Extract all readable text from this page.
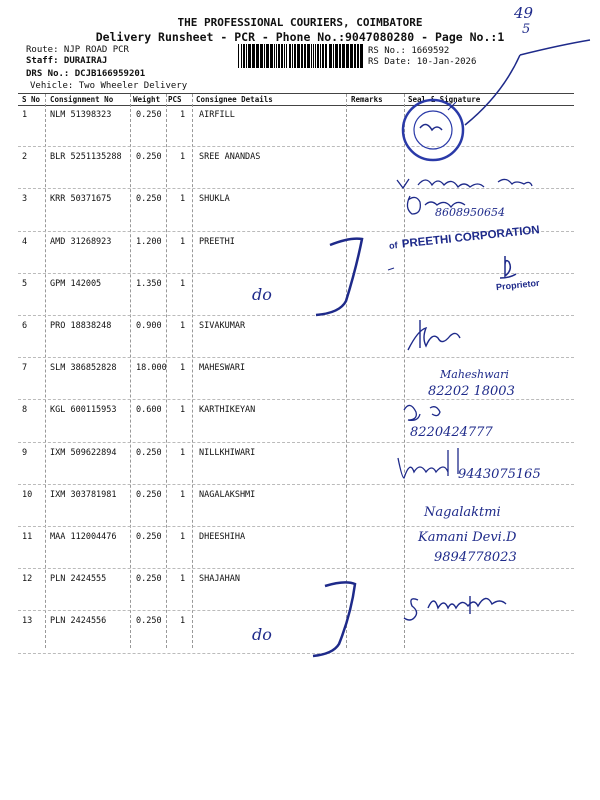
THE PROFESSIONAL COURIERS, COIMBATORE
Delivery Runsheet - PCR - Phone No.:9047080280 - Page No.:1
Route: NJP ROAD PCR
Staff: DURAIRAJ
DRS No.: DCJB166959201
Vehicle: Two Wheeler Delivery
RS No.: 1669592
RS Date: 10-Jan-2026
49
5
S No Consignment No	Weight PCS Consignee Details	Remarks	Seal & Signature
1	NLM 51398323	0.250 1 AIRFILL
2	BLR 5251135288 0.250 1 SREE ANANDAS
3	KRR 50371675	0.250 1 SHUKLA
4	AMD 31268923	1.200 1 PREETHI
5	GPM 142005	1.350 1
6	PRO 18838248	0.900 1 SIVAKUMAR
7	SLM 386852828 18.000 1 MAHESWARI
8	KGL 600115953 0.600 1 KARTHIKEYAN
9	IXM 509622894 0.250 1 NILLKHIWARI
10 IXM 303781981 0.250 1 NAGALAKSHMI
11 MAA 112004476 0.250 1 DHEESHIHA
12 PLN 2424555	0.250 1 SHAJAHAN
13 PLN 2424556	0.250 1
do
do
8608950654
Maheshwari
82202 18003
8220424777
9443075165
Nagalaktmi
Kamani Devi.D
9894778023
of PREETHI CORPORATION
Proprietor
